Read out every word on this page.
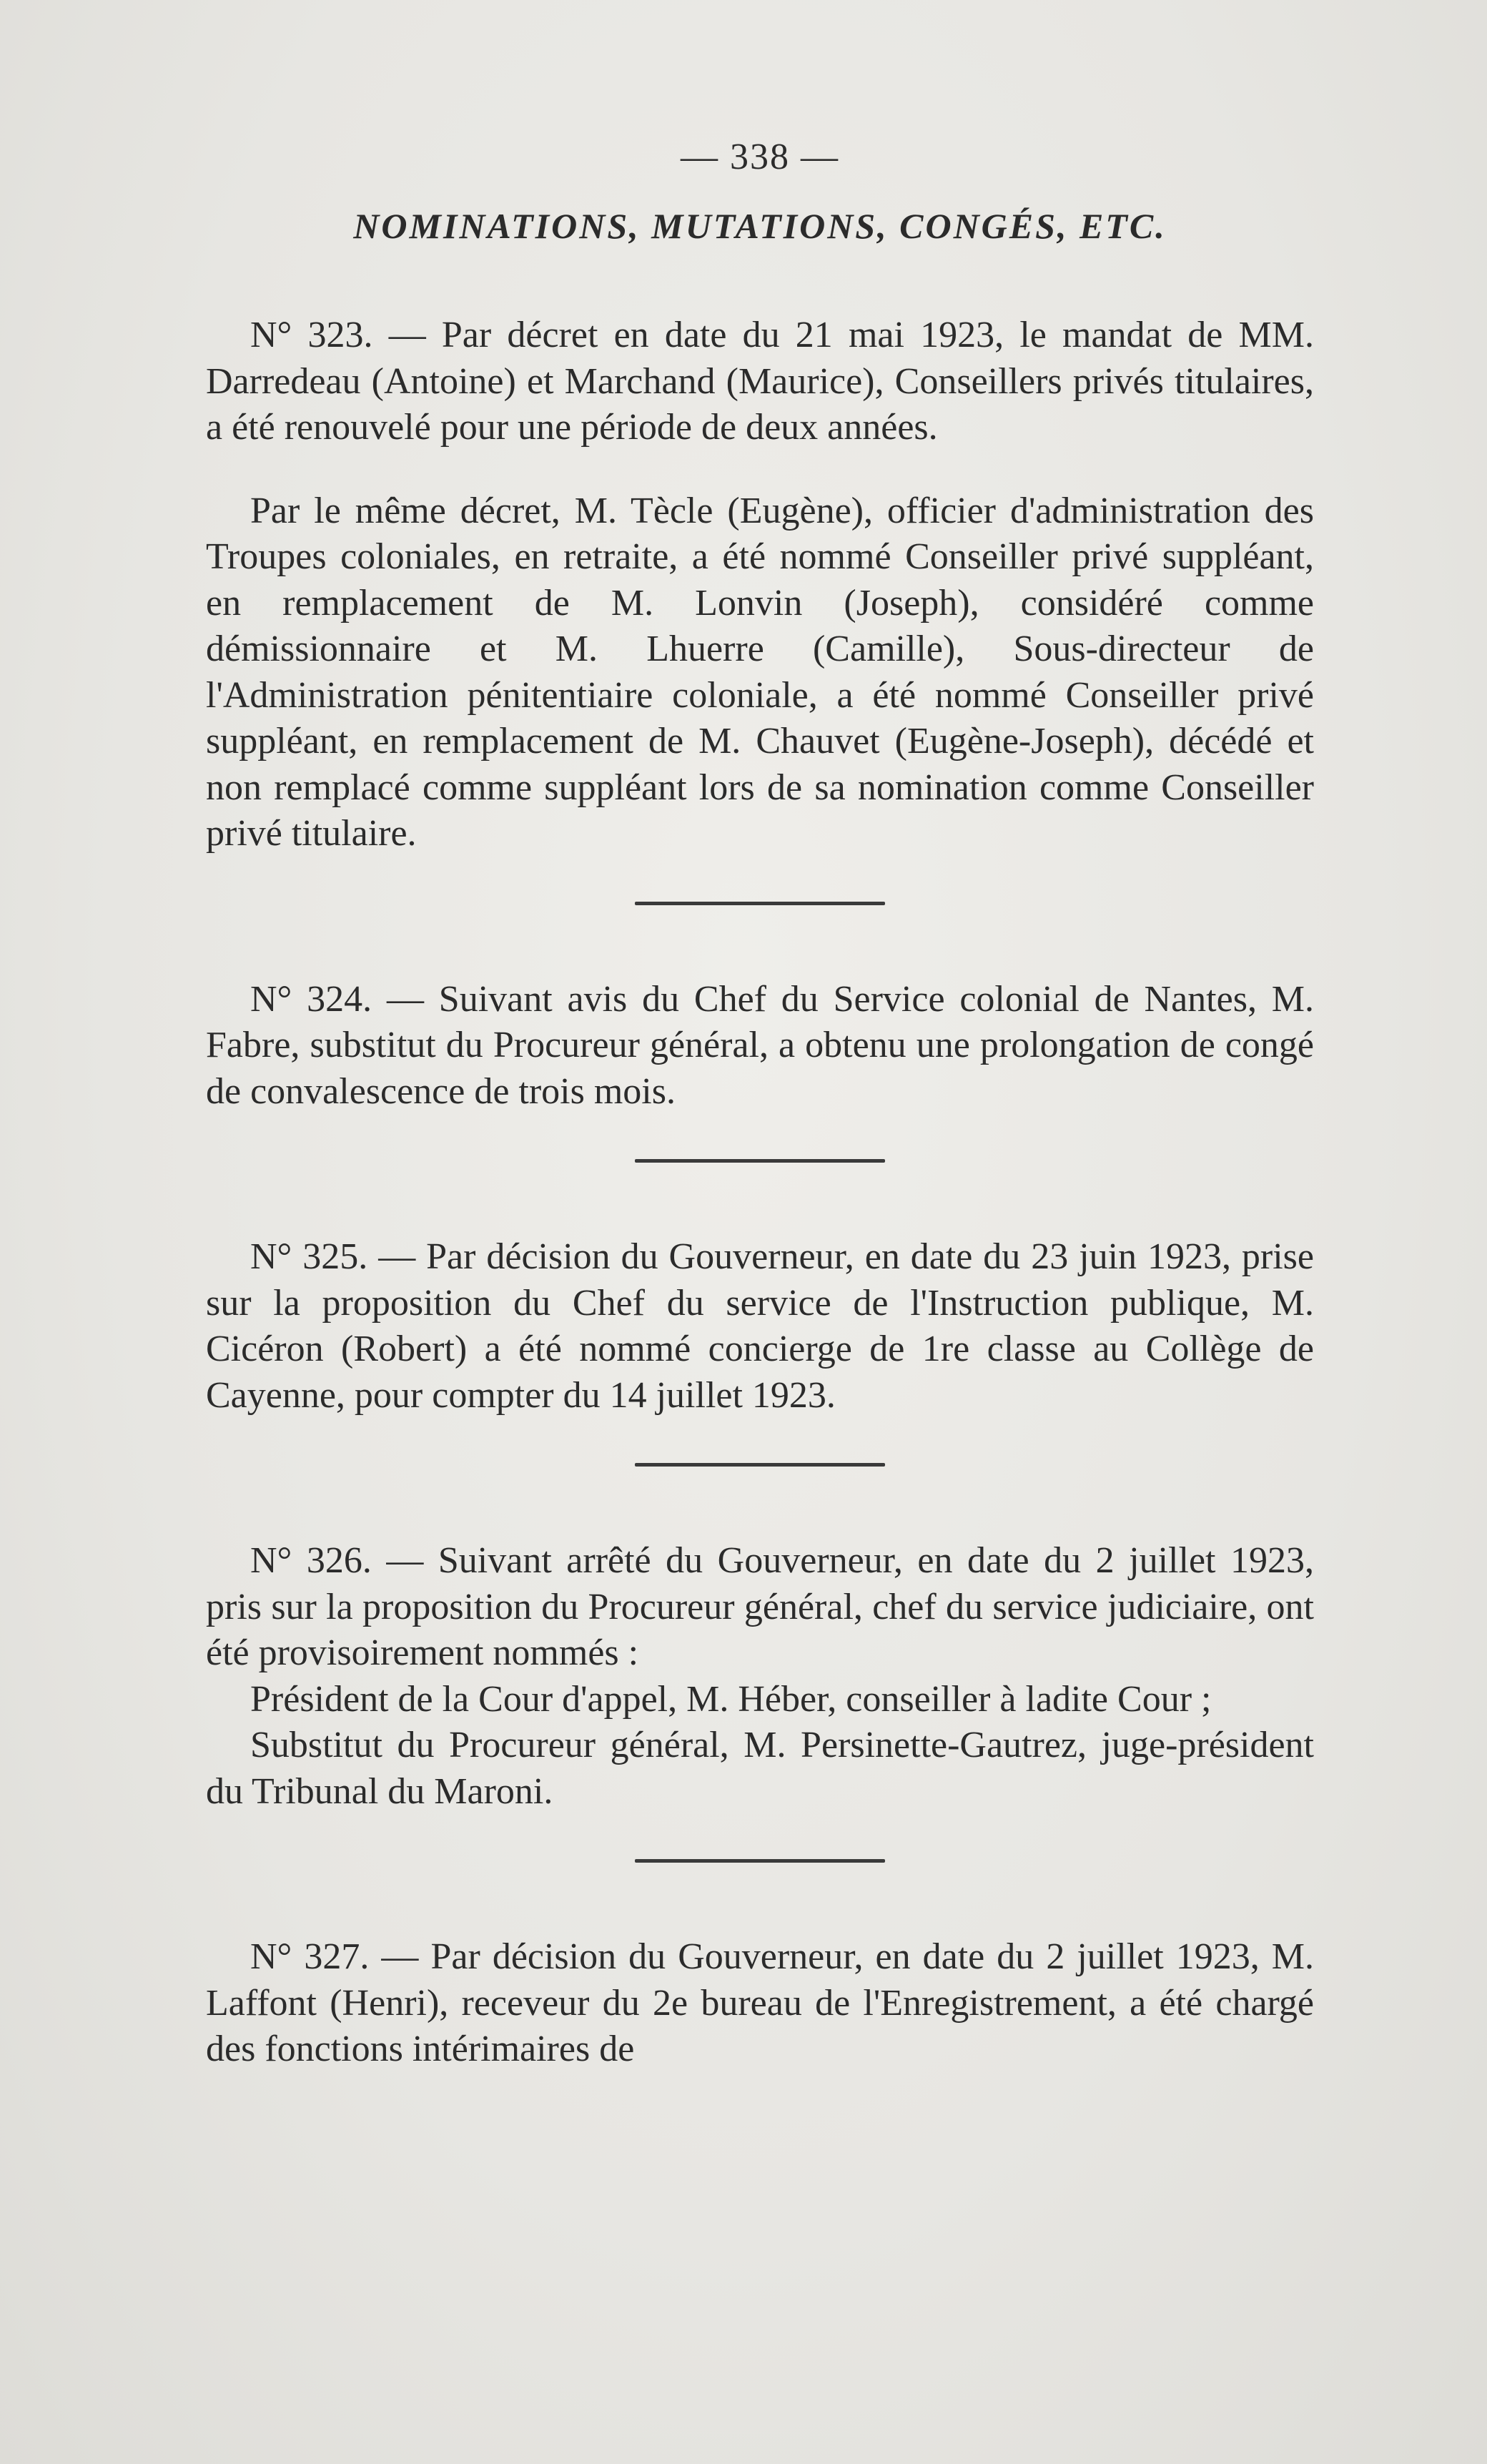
— 338 —
NOMINATIONS, MUTATIONS, CONGÉS, ETC.

N° 323. — Par décret en date du 21 mai 1923, le mandat de MM. Darredeau (Antoine) et Marchand (Maurice), Conseillers privés titulaires, a été renouvelé pour une période de deux années.

Par le même décret, M. Tècle (Eugène), officier d'administration des Troupes coloniales, en retraite, a été nommé Conseiller privé suppléant, en remplacement de M. Lonvin (Joseph), considéré comme démissionnaire et M. Lhuerre (Camille), Sous-directeur de l'Administration pénitentiaire coloniale, a été nommé Conseiller privé suppléant, en remplacement de M. Chauvet (Eugène-Joseph), décédé et non remplacé comme suppléant lors de sa nomination comme Conseiller privé titulaire.

N° 324. — Suivant avis du Chef du Service colonial de Nantes, M. Fabre, substitut du Procureur général, a obtenu une prolongation de congé de convalescence de trois mois.

N° 325. — Par décision du Gouverneur, en date du 23 juin 1923, prise sur la proposition du Chef du service de l'Instruction publique, M. Cicéron (Robert) a été nommé concierge de 1re classe au Collège de Cayenne, pour compter du 14 juillet 1923.

N° 326. — Suivant arrêté du Gouverneur, en date du 2 juillet 1923, pris sur la proposition du Procureur général, chef du service judiciaire, ont été provisoirement nommés :

Président de la Cour d'appel, M. Héber, conseiller à ladite Cour ;

Substitut du Procureur général, M. Persinette-Gautrez, juge-président du Tribunal du Maroni.

N° 327. — Par décision du Gouverneur, en date du 2 juillet 1923, M. Laffont (Henri), receveur du 2e bureau de l'Enregistrement, a été chargé des fonctions intérimaires de
